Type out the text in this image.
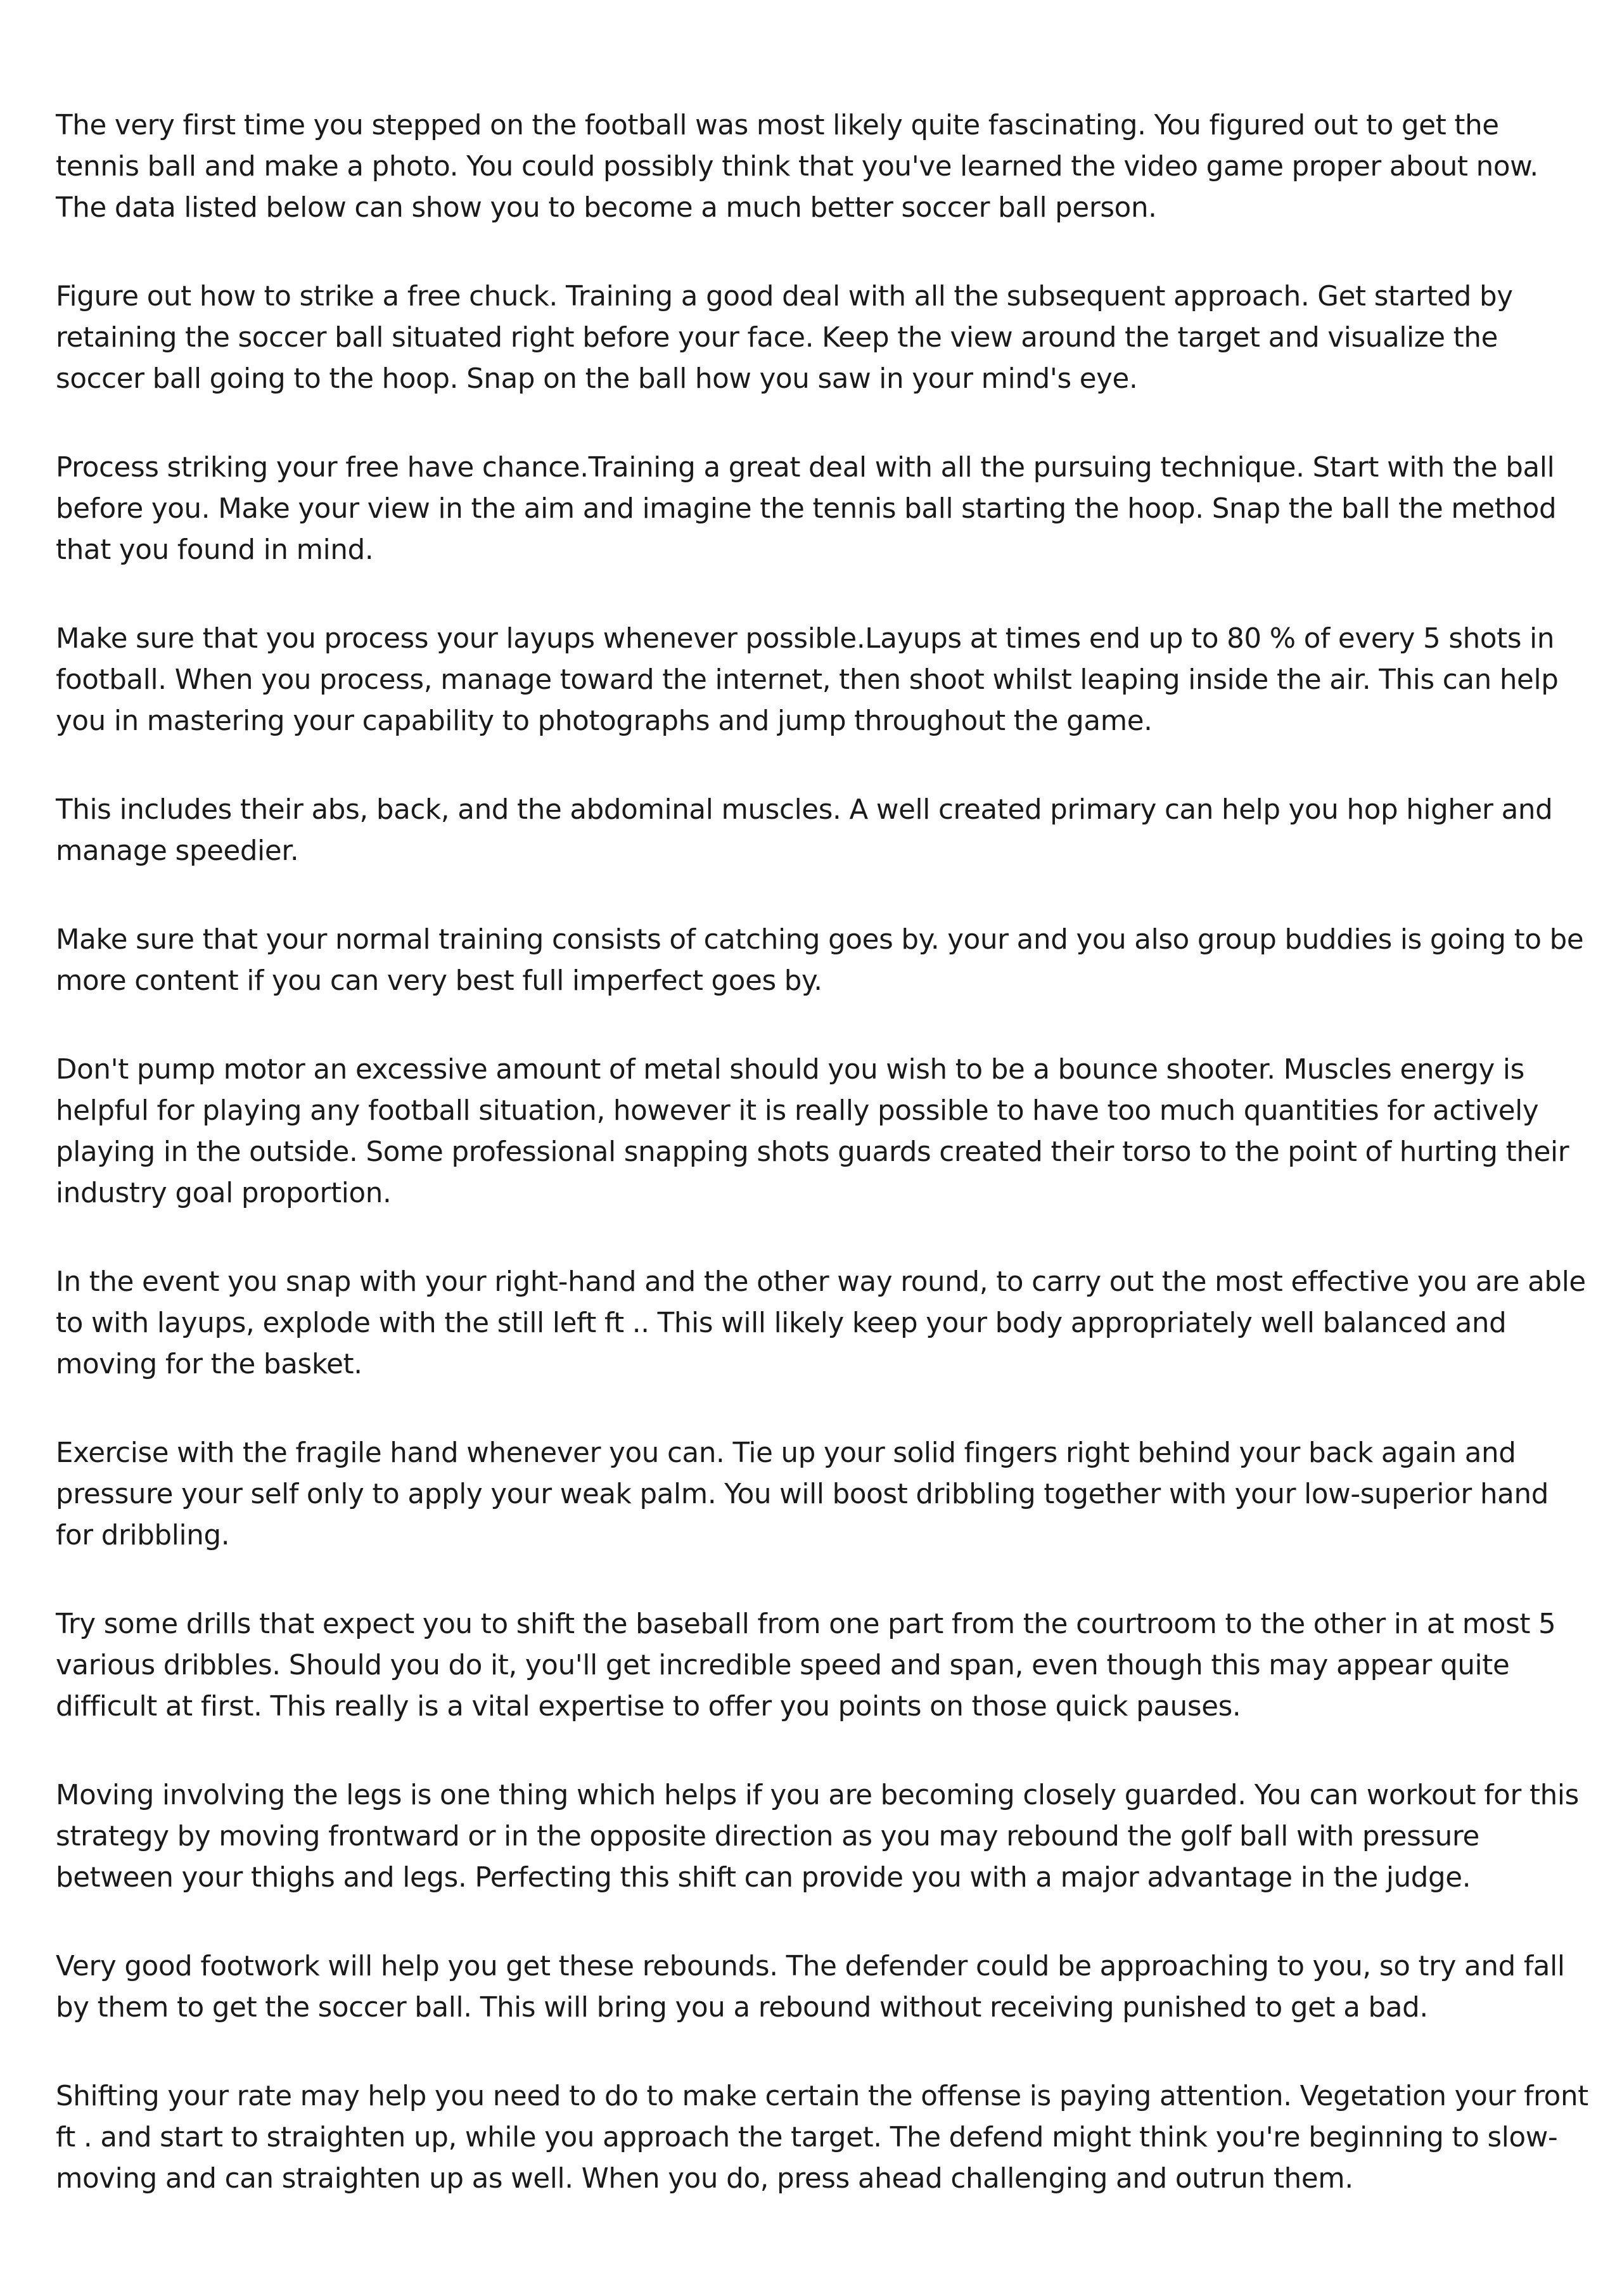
The very first time you stepped on the football was most likely quite fascinating. You figured out to get the tennis ball and make a photo. You could possibly think that you've learned the video game proper about now. The data listed below can show you to become a much better soccer ball person.

Figure out how to strike a free chuck. Training a good deal with all the subsequent approach. Get started by retaining the soccer ball situated right before your face. Keep the view around the target and visualize the soccer ball going to the hoop. Snap on the ball how you saw in your mind's eye.

Process striking your free have chance.Training a great deal with all the pursuing technique. Start with the ball before you. Make your view in the aim and imagine the tennis ball starting the hoop. Snap the ball the method that you found in mind.

Make sure that you process your layups whenever possible.Layups at times end up to 80 % of every 5 shots in football. When you process, manage toward the internet, then shoot whilst leaping inside the air. This can help you in mastering your capability to photographs and jump throughout the game.

This includes their abs, back, and the abdominal muscles. A well created primary can help you hop higher and manage speedier.

Make sure that your normal training consists of catching goes by. your and you also group buddies is going to be more content if you can very best full imperfect goes by.

Don't pump motor an excessive amount of metal should you wish to be a bounce shooter. Muscles energy is helpful for playing any football situation, however it is really possible to have too much quantities for actively playing in the outside. Some professional snapping shots guards created their torso to the point of hurting their industry goal proportion.

In the event you snap with your right-hand and the other way round, to carry out the most effective you are able to with layups, explode with the still left ft .. This will likely keep your body appropriately well balanced and moving for the basket.

Exercise with the fragile hand whenever you can. Tie up your solid fingers right behind your back again and pressure your self only to apply your weak palm. You will boost dribbling together with your low-superior hand for dribbling.

Try some drills that expect you to shift the baseball from one part from the courtroom to the other in at most 5 various dribbles. Should you do it, you'll get incredible speed and span, even though this may appear quite difficult at first. This really is a vital expertise to offer you points on those quick pauses.

Moving involving the legs is one thing which helps if you are becoming closely guarded. You can workout for this strategy by moving frontward or in the opposite direction as you may rebound the golf ball with pressure between your thighs and legs. Perfecting this shift can provide you with a major advantage in the judge.

Very good footwork will help you get these rebounds. The defender could be approaching to you, so try and fall by them to get the soccer ball. This will bring you a rebound without receiving punished to get a bad.

Shifting your rate may help you need to do to make certain the offense is paying attention. Vegetation your front ft . and start to straighten up, while you approach the target. The defend might think you're beginning to slow-moving and can straighten up as well. When you do, press ahead challenging and outrun them.
